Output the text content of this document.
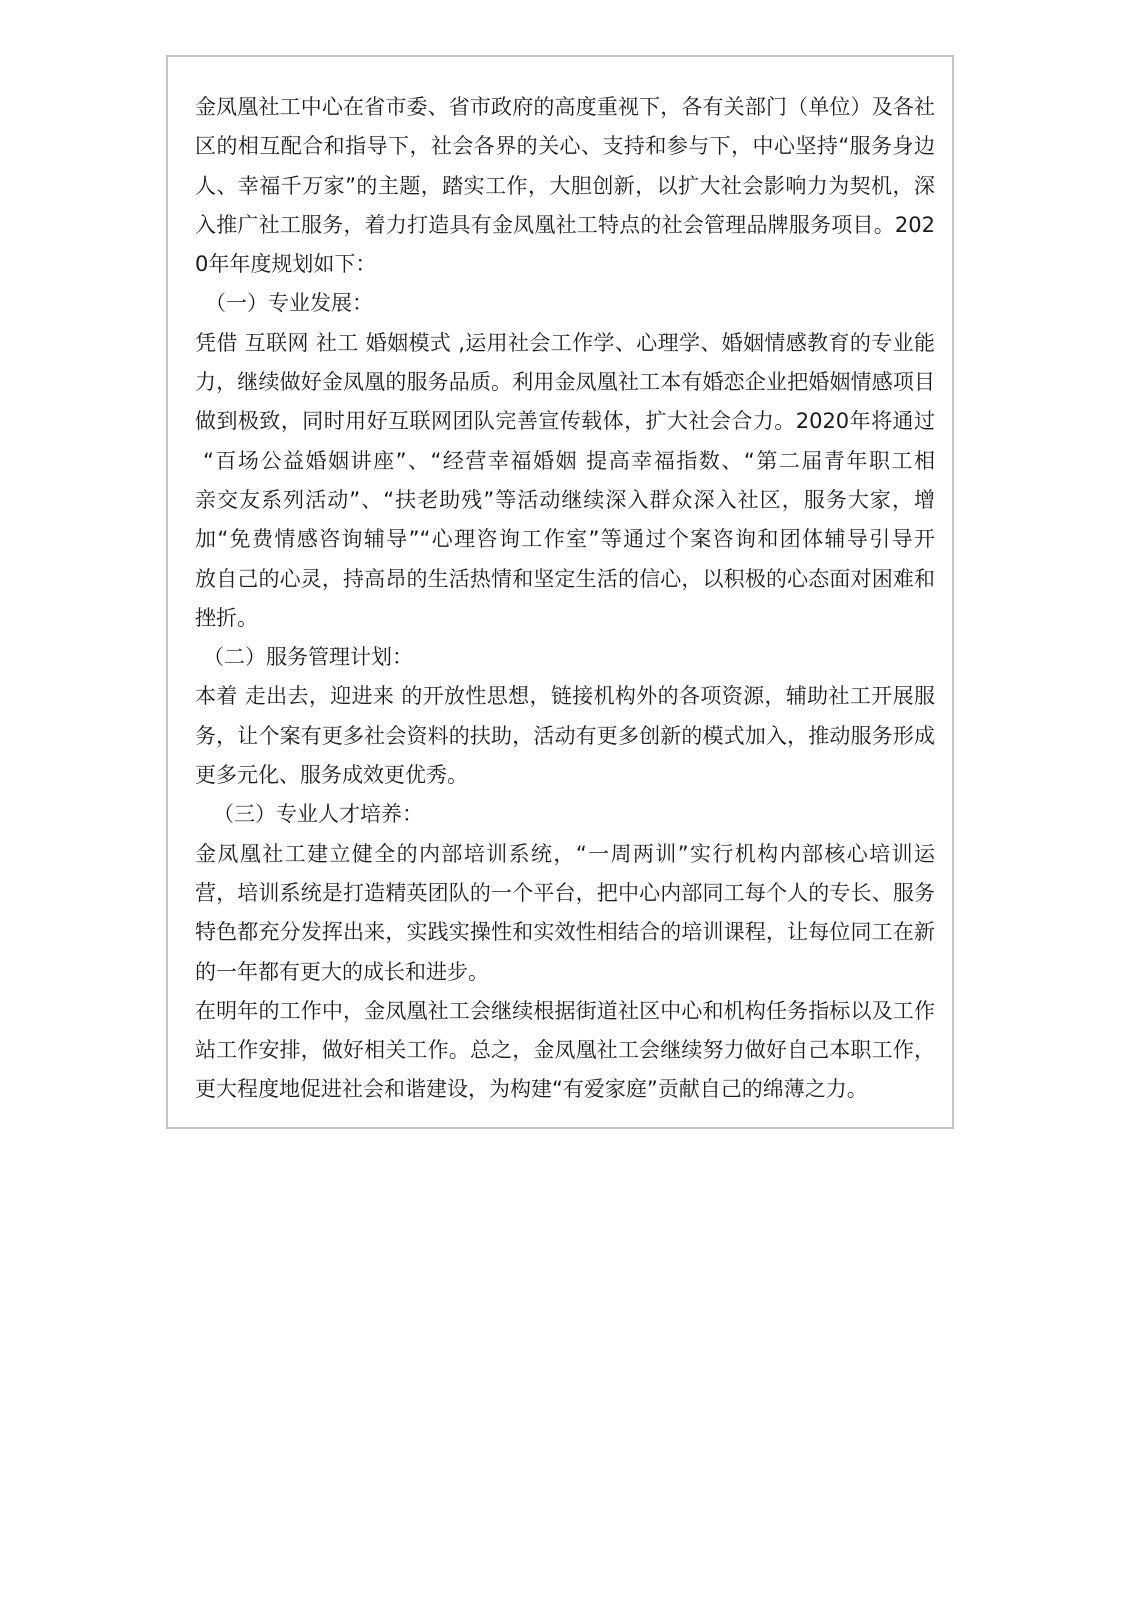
金凤凰社工中心在省市委、省市政府的高度重视下，各有关部门（单位）及各社
区的相互配合和指导下，社会各界的关心、支持和参与下，中心坚持“服务身边
人、幸福千万家”的主题，踏实工作，大胆创新，以扩大社会影响力为契机，深
入推广社工服务，着力打造具有金凤凰社工特点的社会管理品牌服务项目。202
0年年度规划如下：
（一）专业发展：
凭借 互联网 社工 婚姻模式 ,运用社会工作学、心理学、婚姻情感教育的专业能
力，继续做好金凤凰的服务品质。利用金凤凰社工本有婚恋企业把婚姻情感项目
做到极致，同时用好互联网团队完善宣传载体，扩大社会合力。2020年将通过
“百场公益婚姻讲座”、“经营幸福婚姻 提高幸福指数、“第二届青年职工相
亲交友系列活动”、“扶老助残”等活动继续深入群众深入社区，服务大家，增
加“免费情感咨询辅导”“心理咨询工作室”等通过个案咨询和团体辅导引导开
放自己的心灵，持高昂的生活热情和坚定生活的信心，以积极的心态面对困难和
挫折。
（二）服务管理计划：
本着 走出去，迎进来 的开放性思想，链接机构外的各项资源，辅助社工开展服
务，让个案有更多社会资料的扶助，活动有更多创新的模式加入，推动服务形成
更多元化、服务成效更优秀。
（三）专业人才培养：
金凤凰社工建立健全的内部培训系统，“一周两训”实行机构内部核心培训运
营，培训系统是打造精英团队的一个平台，把中心内部同工每个人的专长、服务
特色都充分发挥出来，实践实操性和实效性相结合的培训课程，让每位同工在新
的一年都有更大的成长和进步。
在明年的工作中，金凤凰社工会继续根据街道社区中心和机构任务指标以及工作
站工作安排，做好相关工作。总之，金凤凰社工会继续努力做好自己本职工作，
更大程度地促进社会和谐建设，为构建“有爱家庭”贡献自己的绵薄之力。
